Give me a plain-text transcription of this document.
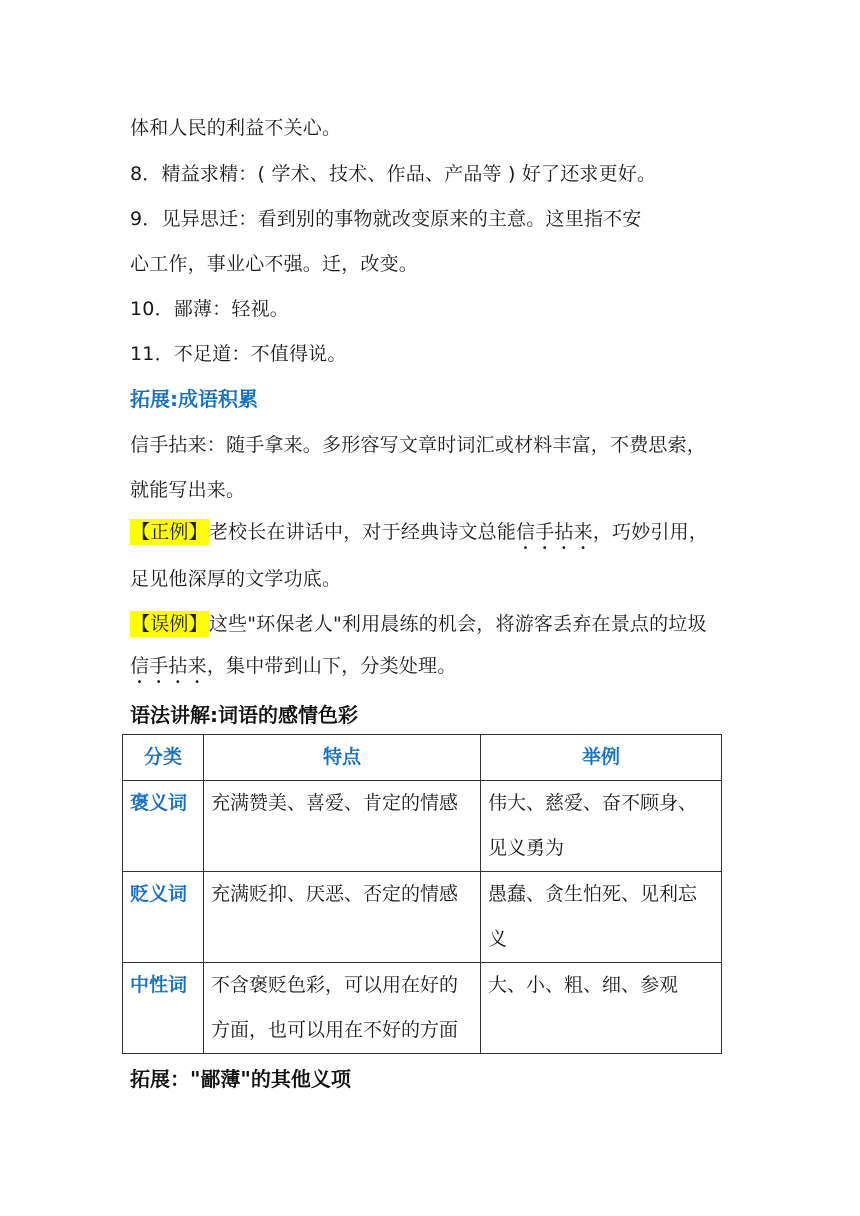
体和人民的利益不关心。
8．精益求精：( 学术、技术、作品、产品等 ) 好了还求更好。
9．见异思迁：看到别的事物就改变原来的主意。这里指不安
心工作，事业心不强。迁，改变。
10．鄙薄：轻视。
11．不足道：不值得说。
拓展:成语积累
信手拈来：随手拿来。多形容写文章时词汇或材料丰富，不费思索，
就能写出来。
【正例】老校长在讲话中，对于经典诗文总能信手拈来，巧妙引用，
足见他深厚的文学功底。
【误例】这些"环保老人"利用晨练的机会，将游客丢弃在景点的垃圾
信手拈来，集中带到山下，分类处理。
语法讲解:词语的感情色彩
分类	特点	举例
褒义词	充满赞美、喜爱、肯定的情感	伟大、慈爱、奋不顾身、
见义勇为

贬义词	充满贬抑、厌恶、否定的情感	愚蠢、贪生怕死、见利忘
义

中性词	不含褒贬色彩，可以用在好的
方面，也可以用在不好的方面	大、小、粗、细、参观
拓展："鄙薄"的其他义项
